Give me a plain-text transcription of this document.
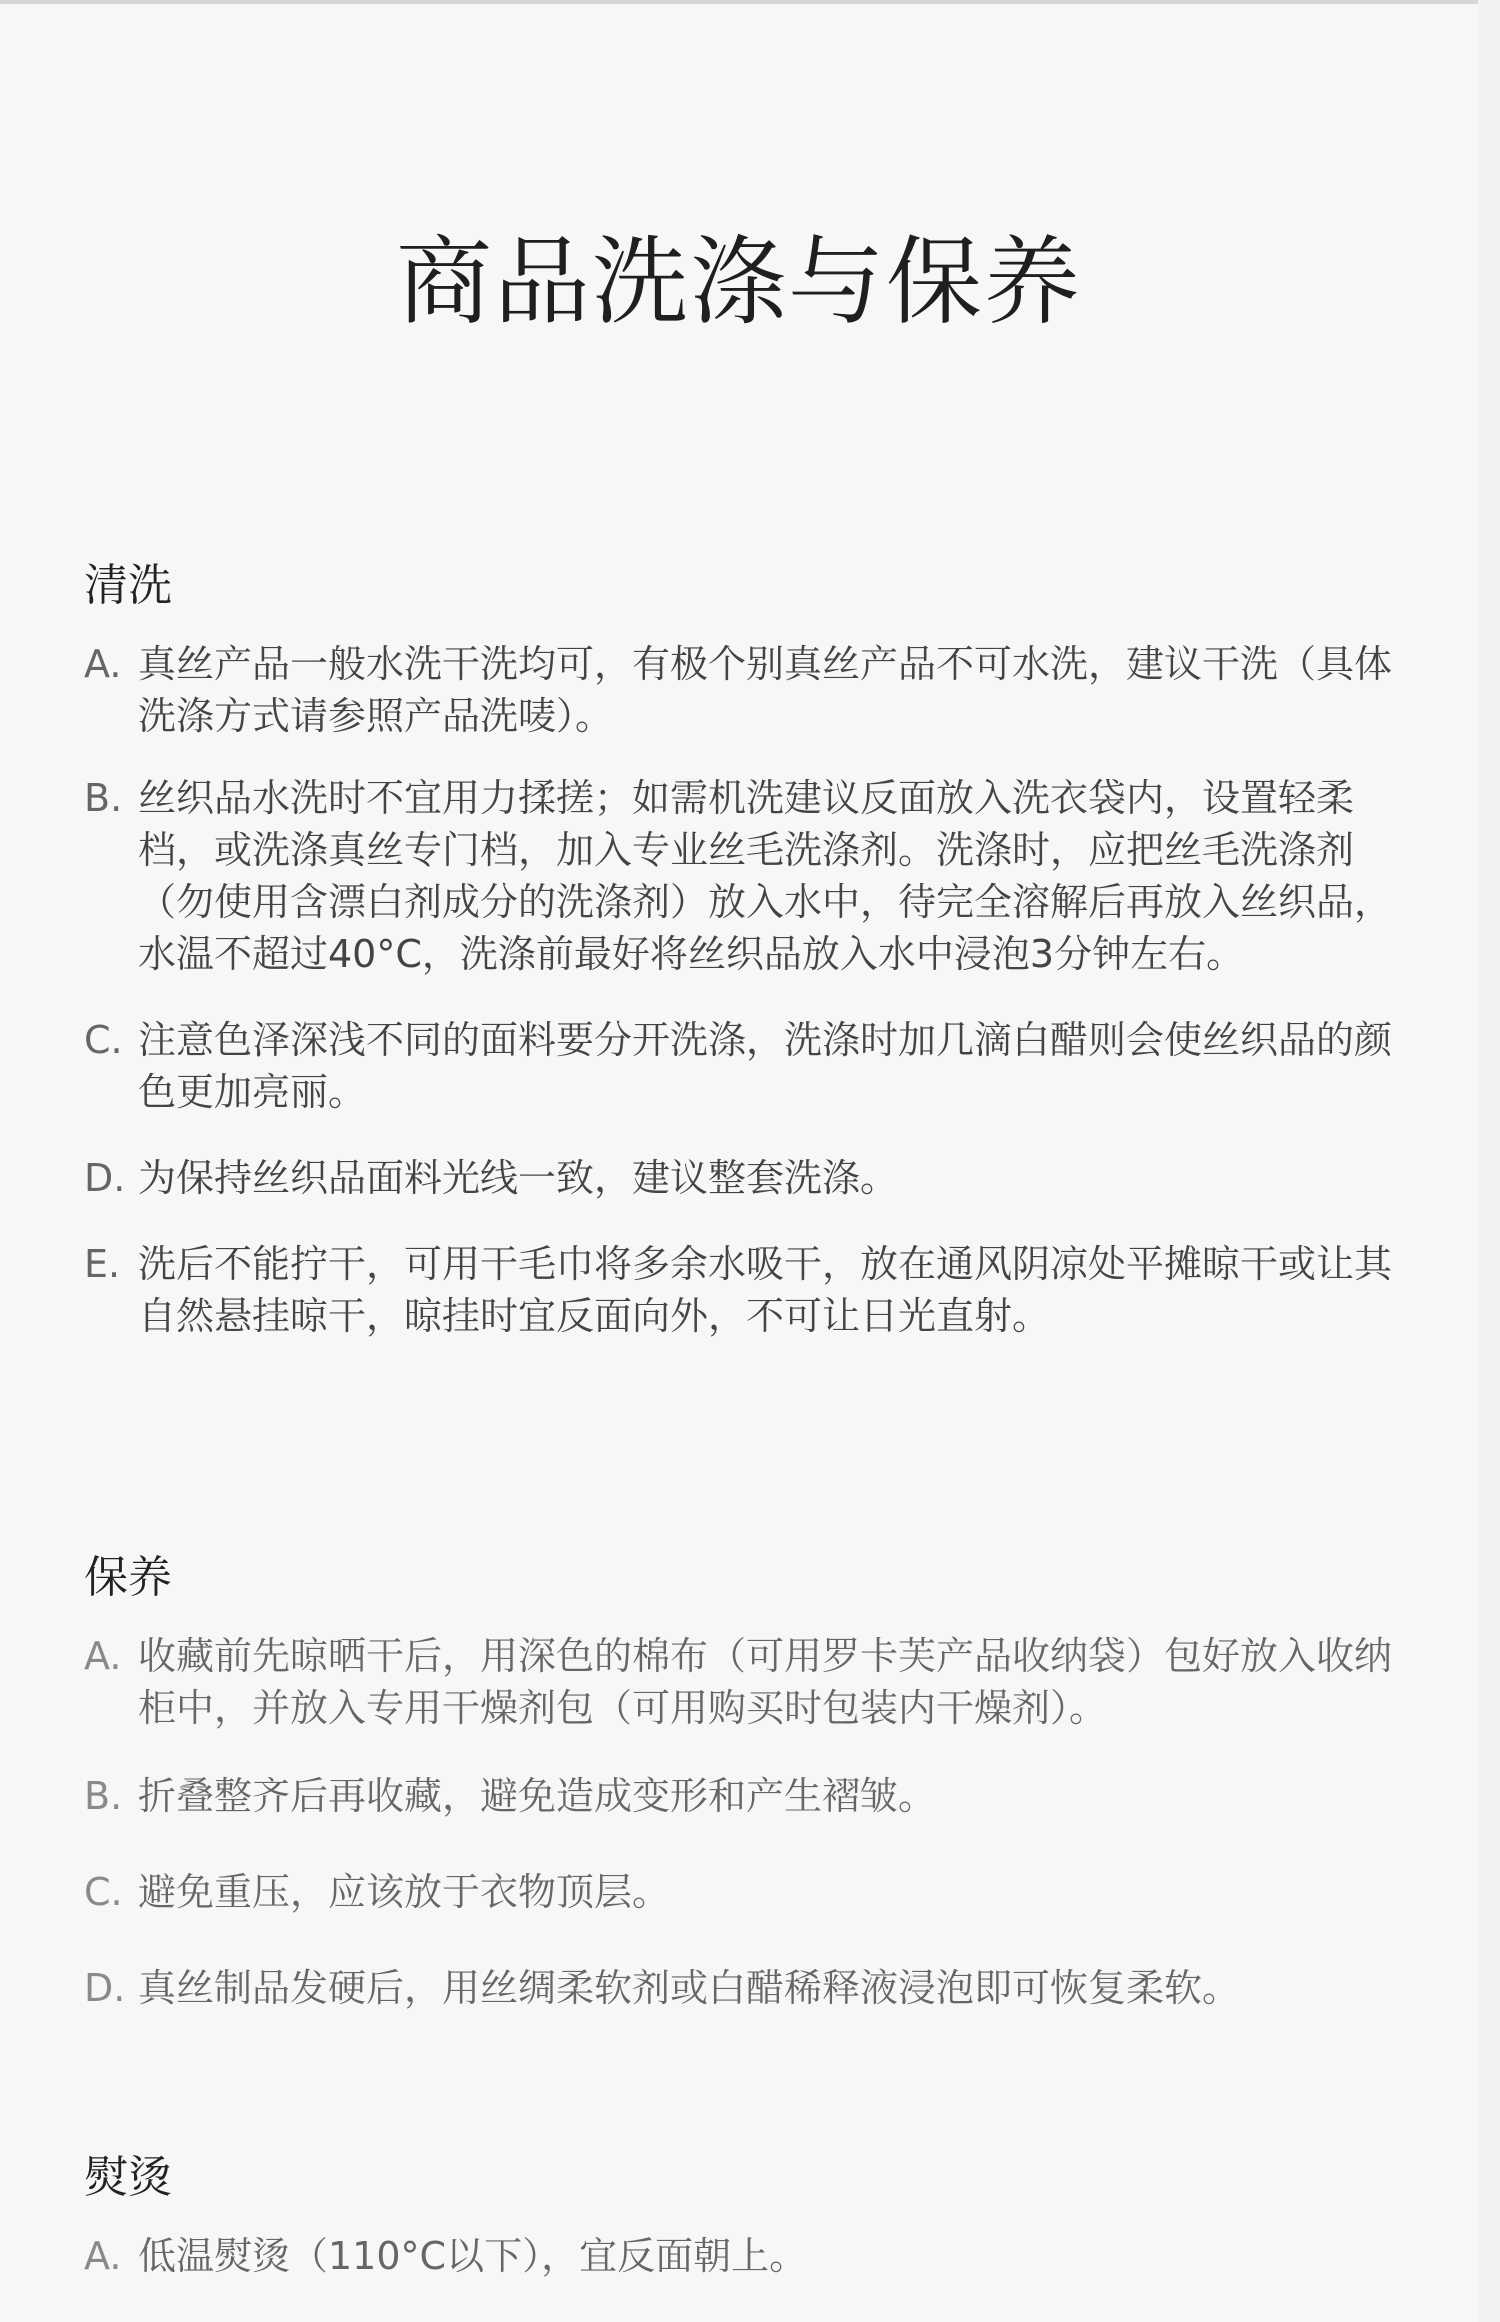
商品洗涤与保养
清洗
A. 真丝产品一般水洗干洗均可，有极个别真丝产品不可水洗，建议干洗（具体洗涤方式请参照产品洗唛）。
B. 丝织品水洗时不宜用力揉搓；如需机洗建议反面放入洗衣袋内，设置轻柔档，或洗涤真丝专门档，加入专业丝毛洗涤剂。洗涤时，应把丝毛洗涤剂（勿使用含漂白剂成分的洗涤剂）放入水中，待完全溶解后再放入丝织品，水温不超过40°C，洗涤前最好将丝织品放入水中浸泡3分钟左右。
C. 注意色泽深浅不同的面料要分开洗涤，洗涤时加几滴白醋则会使丝织品的颜色更加亮丽。
D. 为保持丝织品面料光线一致，建议整套洗涤。
E. 洗后不能拧干，可用干毛巾将多余水吸干，放在通风阴凉处平摊晾干或让其自然悬挂晾干，晾挂时宜反面向外，不可让日光直射。
保养
A. 收藏前先晾晒干后，用深色的棉布（可用罗卡芙产品收纳袋）包好放入收纳柜中，并放入专用干燥剂包（可用购买时包装内干燥剂）。
B. 折叠整齐后再收藏，避免造成变形和产生褶皱。
C. 避免重压，应该放于衣物顶层。
D. 真丝制品发硬后，用丝绸柔软剂或白醋稀释液浸泡即可恢复柔软。
熨烫
A. 低温熨烫（110°C以下），宜反面朝上。
